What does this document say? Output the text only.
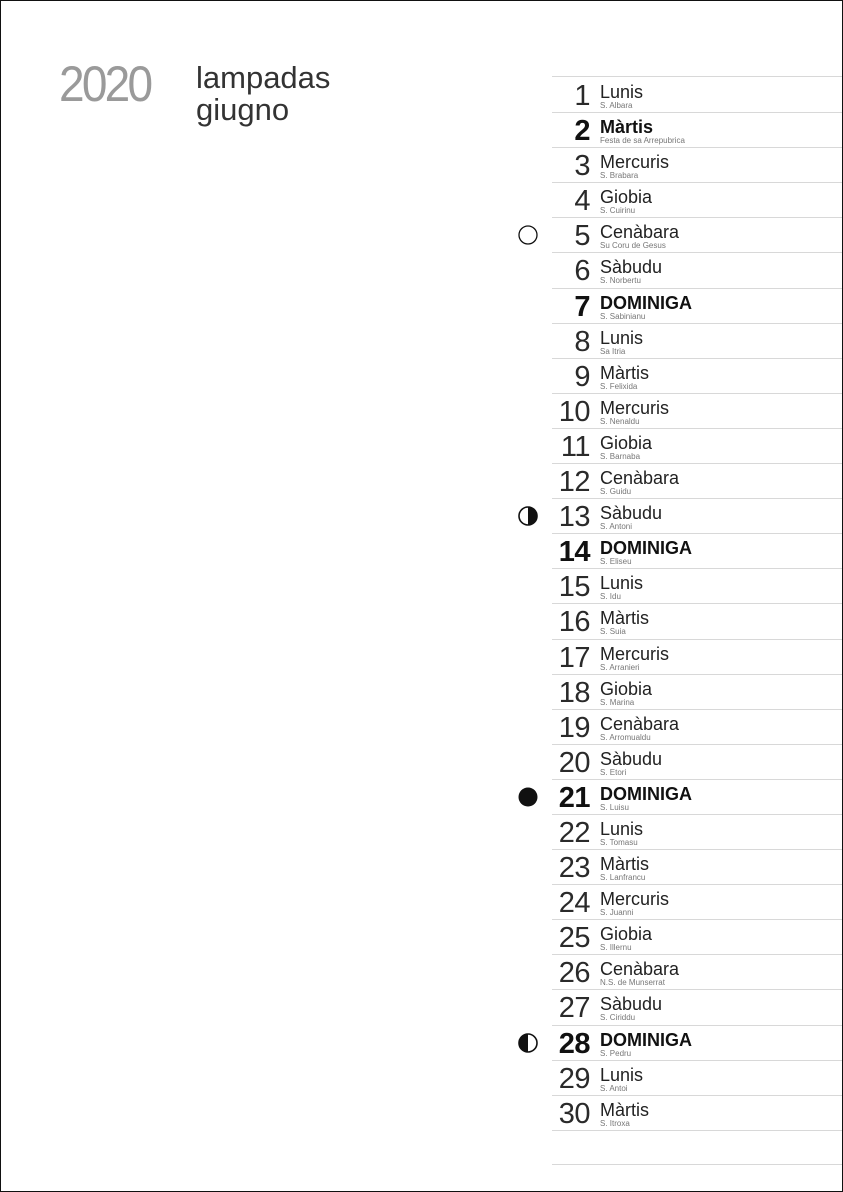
2020 lampadas
giugno	1 Lunis
S. Albara
2 Màrtis
Festa de sa Arrepubrica
3 Mercuris
S. Brabara
4 Giobia
S. Cuirinu
5 Cenàbara
Su Coru de Gesus
6 Sàbudu
S. Norbertu
7 DOMINIGA
S. Sabinianu
8 Lunis
Sa Itria
9 Màrtis
S. Felixida
10 Mercuris
S. Nenaldu
11 Giobia
S. Barnaba
12 Cenàbara
S. Guidu
13 Sàbudu
S. Antoni
14 DOMINIGA
S. Eliseu
15 Lunis
S. Idu
16 Màrtis
S. Suia
17 Mercuris
S. Arranieri
18 Giobia
S. Marina
19 Cenàbara
S. Arromualdu
20 Sàbudu
S. Etori
21 DOMINIGA
S. Luisu
22 Lunis
S. Tomasu
23 Màrtis
S. Lanfrancu
24 Mercuris
S. Juanni
25 Giobia
S. Illernu
26 Cenàbara
N.S. de Munserrat
27 Sàbudu
S. Ciriddu
28 DOMINIGA
S. Pedru
29 Lunis
S. Antoi
30 Màrtis
S. Itroxa
